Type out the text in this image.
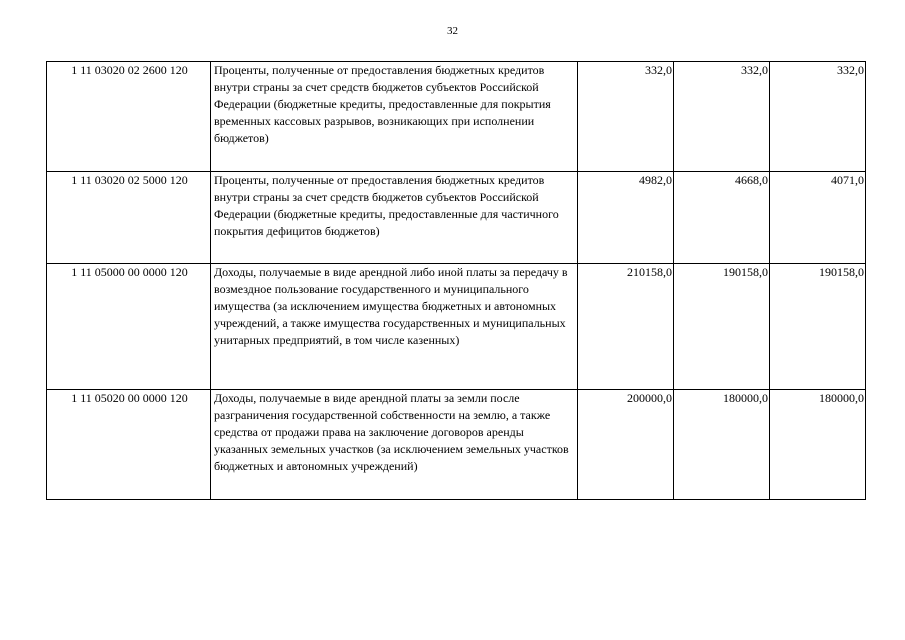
32
1 11 03020 02 2600 120	Проценты, полученные от предоставления бюджетных кредитов внутри страны за счет средств бюджетов субъектов Российской Федерации (бюджетные кредиты, предоставленные для покрытия временных кассовых разрывов, возникающих при исполнении бюджетов)	332,0	332,0	332,0
1 11 03020 02 5000 120	Проценты, полученные от предоставления бюджетных кредитов внутри страны за счет средств бюджетов субъектов Российской Федерации (бюджетные кредиты, предоставленные для частичного покрытия дефицитов бюджетов)	4982,0	4668,0	4071,0
1 11 05000 00 0000 120	Доходы, получаемые в виде арендной либо иной платы за передачу в возмездное пользование государственного и муниципального имущества (за исключением имущества бюджетных и автономных учреждений, а также имущества государственных и муниципальных унитарных предприятий, в том числе казенных)	210158,0	190158,0	190158,0
1 11 05020 00 0000 120	Доходы, получаемые в виде арендной платы за земли после разграничения государственной собственности на землю, а также средства от продажи права на заключение договоров аренды указанных земельных участков (за исключением земельных участков бюджетных и автономных учреждений)	200000,0	180000,0	180000,0
